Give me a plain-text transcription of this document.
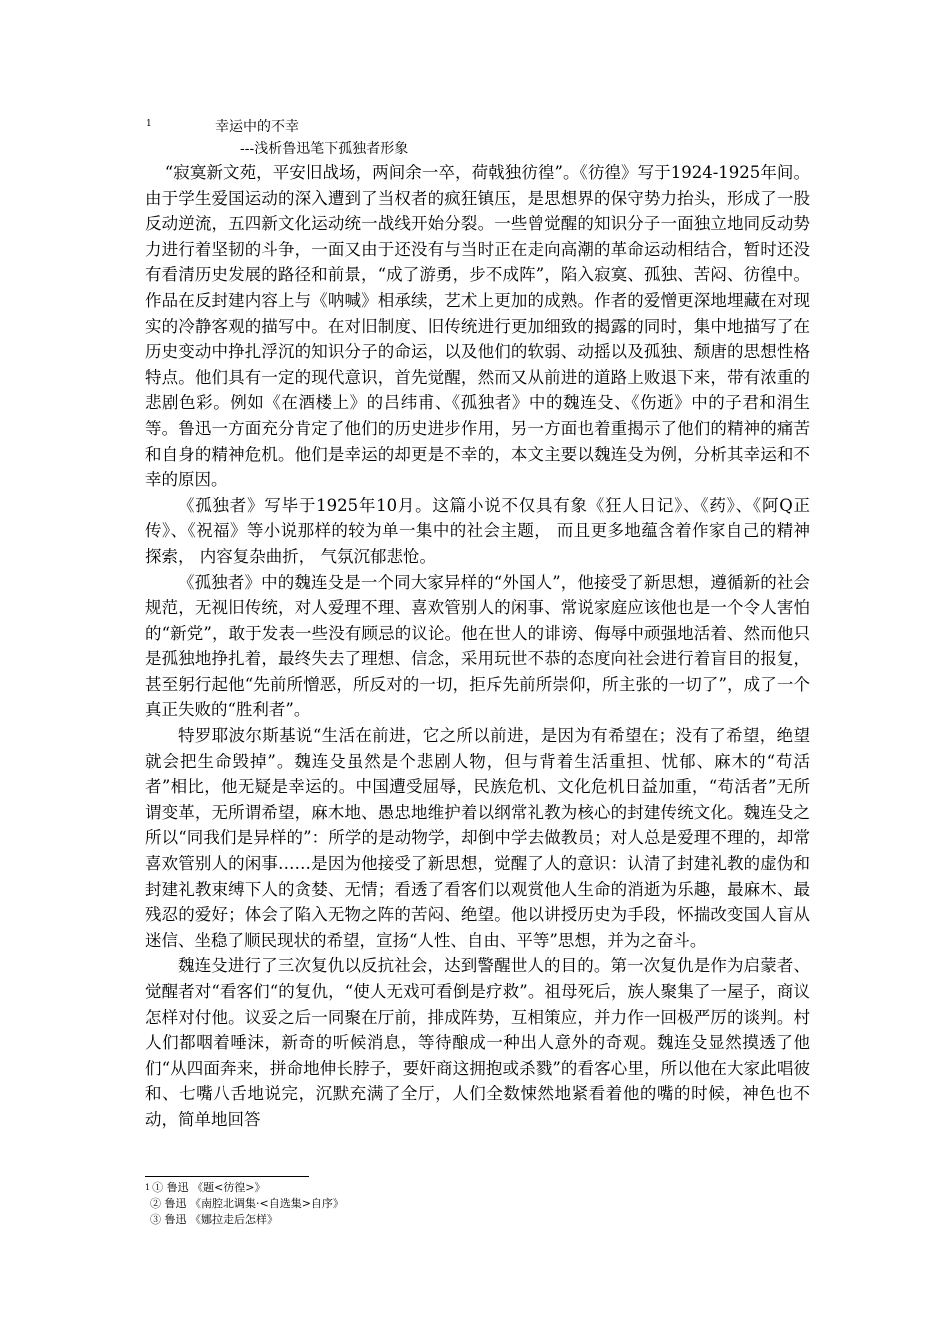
1	幸运中的不幸
---浅析鲁迅笔下孤独者形象

“寂寞新文苑，平安旧战场，两间余一卒，荷戟独彷徨”。《彷徨》写于1924-1925年间。由于学生爱国运动的深入遭到了当权者的疯狂镇压，是思想界的保守势力抬头，形成了一股反动逆流，五四新文化运动统一战线开始分裂。一些曾觉醒的知识分子一面独立地同反动势力进行着坚韧的斗争，一面又由于还没有与当时正在走向高潮的革命运动相结合，暂时还没有看清历史发展的路径和前景，“成了游勇，步不成阵”，陷入寂寞、孤独、苦闷、彷徨中。作品在反封建内容上与《呐喊》相承续，艺术上更加的成熟。作者的爱憎更深地埋藏在对现实的冷静客观的描写中。在对旧制度、旧传统进行更加细致的揭露的同时，集中地描写了在历史变动中挣扎浮沉的知识分子的命运，以及他们的软弱、动摇以及孤独、颓唐的思想性格特点。他们具有一定的现代意识，首先觉醒，然而又从前进的道路上败退下来，带有浓重的悲剧色彩。例如《在酒楼上》的吕纬甫、《孤独者》中的魏连殳、《伤逝》中的子君和涓生等。鲁迅一方面充分肯定了他们的历史进步作用，另一方面也着重揭示了他们的精神的痛苦和自身的精神危机。他们是幸运的却更是不幸的，本文主要以魏连殳为例，分析其幸运和不幸的原因。

《孤独者》写毕于1925年10月。这篇小说不仅具有象《狂人日记》、《药》、《阿Q正传》、《祝福》等小说那样的较为单一集中的社会主题， 而且更多地蕴含着作家自己的精神探索， 内容复杂曲折， 气氛沉郁悲怆。

《孤独者》中的魏连殳是一个同大家异样的“外国人”，他接受了新思想，遵循新的社会规范，无视旧传统，对人爱理不理、喜欢管别人的闲事、常说家庭应该他也是一个令人害怕的“新党”，敢于发表一些没有顾忌的议论。他在世人的诽谤、侮辱中顽强地活着、然而他只是孤独地挣扎着，最终失去了理想、信念，采用玩世不恭的态度向社会进行着盲目的报复，甚至躬行起他“先前所憎恶，所反对的一切，拒斥先前所崇仰，所主张的一切了”，成了一个真正失败的“胜利者”。

特罗耶波尔斯基说“生活在前进，它之所以前进，是因为有希望在；没有了希望，绝望就会把生命毁掉”。魏连殳虽然是个悲剧人物，但与背着生活重担、忧郁、麻木的“苟活者”相比，他无疑是幸运的。中国遭受屈辱，民族危机、文化危机日益加重，“苟活者”无所谓变革，无所谓希望，麻木地、愚忠地维护着以纲常礼教为核心的封建传统文化。魏连殳之所以“同我们是异样的”：所学的是动物学，却倒中学去做教员；对人总是爱理不理的，却常喜欢管别人的闲事……是因为他接受了新思想，觉醒了人的意识：认清了封建礼教的虚伪和封建礼教束缚下人的贪婪、无情；看透了看客们以观赏他人生命的消逝为乐趣，最麻木、最残忍的爱好；体会了陷入无物之阵的苦闷、绝望。他以讲授历史为手段，怀揣改变国人盲从迷信、坐稳了顺民现状的希望，宣扬“人性、自由、平等”思想，并为之奋斗。

魏连殳进行了三次复仇以反抗社会，达到警醒世人的目的。第一次复仇是作为启蒙者、觉醒者对“看客们“的复仇，“使人无戏可看倒是疗救”。祖母死后，族人聚集了一屋子，商议怎样对付他。议妥之后一同聚在厅前，排成阵势，互相策应，并力作一回极严厉的谈判。村人们都咽着唾沫，新奇的听候消息，等待酿成一种出人意外的奇观。魏连殳显然摸透了他们“从四面奔来，拼命地伸长脖子，要奸商这拥抱或杀戮”的看客心里，所以他在大家此唱彼和、七嘴八舌地说完，沉默充满了全厅，人们全数悚然地紧看着他的嘴的时候，神色也不动，简单地回答

$^1$ ① 鲁迅 《题<彷徨>》
② 鲁迅 《南腔北调集·<自选集>自序》
③ 鲁迅 《娜拉走后怎样》
